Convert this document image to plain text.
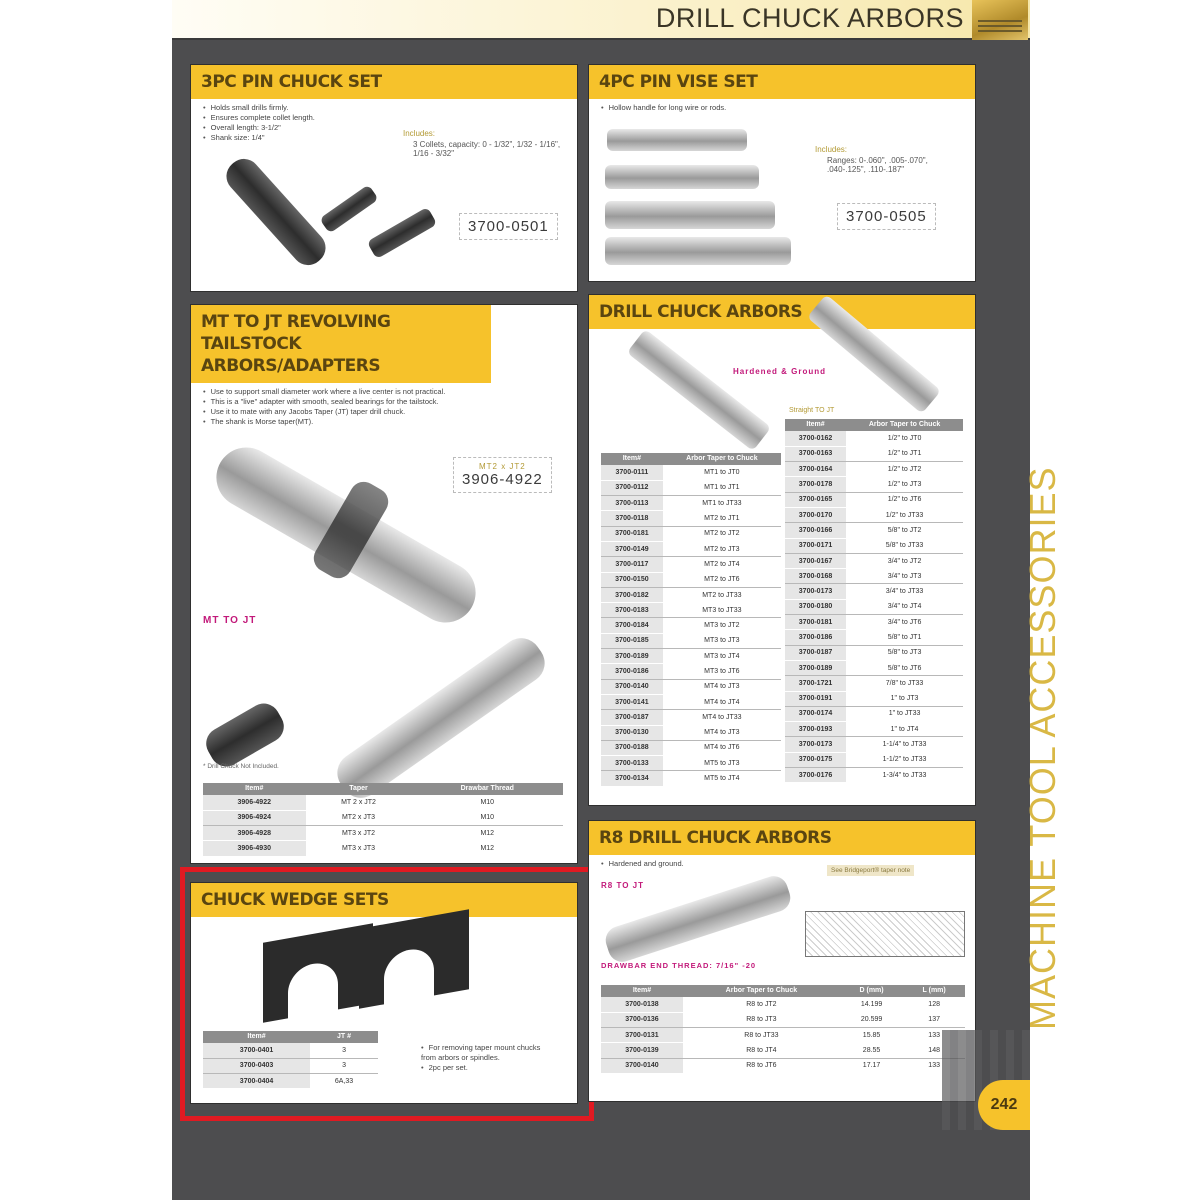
DRILL CHUCK ARBORS
3PC PIN CHUCK SET
• Holds small drills firmly.
• Ensures complete collet length.
• Overall length: 3-1/2"
• Shank size: 1/4"	Includes:
3 Collets, capacity: 0 - 1/32", 1/32 - 1/16", 1/16 - 3/32"
3700-0501
4PC PIN VISE SET
• Hollow handle for long wire or rods.
Includes:
Ranges: 0-.060", .005-.070", .040-.125", .110-.187"
3700-0505
MT TO JT REVOLVING TAILSTOCK ARBORS/ADAPTERS
• Use to support small diameter work where a live center is not practical.
• This is a "live" adapter with smooth, sealed bearings for the tailstock.
• Use it to mate with any Jacobs Taper (JT) taper drill chuck.
• The shank is Morse taper(MT).
MT2 x JT2
3906-4922
MT TO JT
* Drill Chuck Not Included.
Item#	Taper	Drawbar Thread
3906-4922	MT 2 x JT2	M10
3906-4924	MT2 x JT3	M10
3906-4928	MT3 x JT2	M12
3906-4930	MT3 x JT3	M12
CHUCK WEDGE SETS
Item#	JT #
3700-0401	3
3700-0403	3
3700-0404	6A,33
• For removing taper mount chucks from arbors or spindles.
• 2pc per set.
DRILL CHUCK ARBORS
Hardened & Ground
Straight TO JT
Item#	Arbor Taper to Chuck
3700-0111	MT1 to JT0
3700-0112	MT1 to JT1
3700-0113	MT1 to JT33
3700-0118	MT2 to JT1
3700-0181	MT2 to JT2
3700-0149	MT2 to JT3
3700-0117	MT2 to JT4
3700-0150	MT2 to JT6
3700-0182	MT2 to JT33
3700-0183	MT3 to JT33
3700-0184	MT3 to JT2
3700-0185	MT3 to JT3
3700-0189	MT3 to JT4
3700-0186	MT3 to JT6
3700-0140	MT4 to JT3
3700-0141	MT4 to JT4
3700-0187	MT4 to JT33
3700-0130	MT4 to JT3
3700-0188	MT4 to JT6
3700-0133	MT5 to JT3
3700-0134	MT5 to JT4
Item#	Arbor Taper to Chuck
3700-0162	1/2" to JT0
3700-0163	1/2" to JT1
3700-0164	1/2" to JT2
3700-0178	1/2" to JT3
3700-0165	1/2" to JT6
3700-0170	1/2" to JT33
3700-0166	5/8" to JT2
3700-0171	5/8" to JT33
3700-0167	3/4" to JT2
3700-0168	3/4" to JT3
3700-0173	3/4" to JT33
3700-0180	3/4" to JT4
3700-0181	3/4" to JT6
3700-0186	5/8" to JT1
3700-0187	5/8" to JT3
3700-0189	5/8" to JT6
3700-1721	7/8" to JT33
3700-0191	1" to JT3
3700-0174	1" to JT33
3700-0193	1" to JT4
3700-0173	1-1/4" to JT33
3700-0175	1-1/2" to JT33
3700-0176	1-3/4" to JT33
R8 DRILL CHUCK ARBORS
• Hardened and ground.
R8 TO JT
See Bridgeport® taper note
DRAWBAR END THREAD: 7/16" -20
Item#	Arbor Taper to Chuck	D (mm)	L (mm)
3700-0138	R8 to JT2	14.199	128
3700-0136	R8 to JT3	20.599	137
3700-0131	R8 to JT33	15.85	133
3700-0139	R8 to JT4	28.55	148
3700-0140	R8 to JT6	17.17	133
MACHINE TOOL ACCESSORIES
242
